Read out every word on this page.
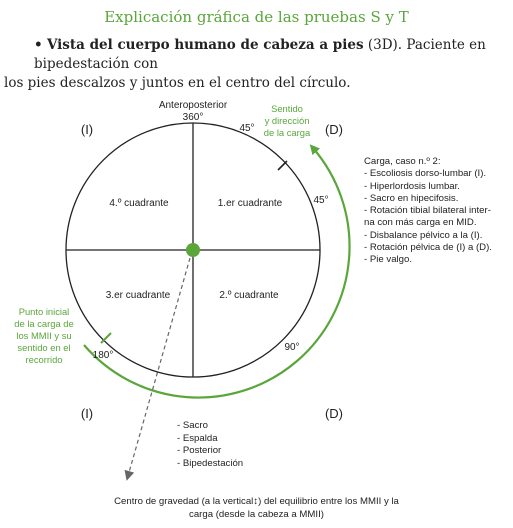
Explicación gráfica de las pruebas S y T
• Vista del cuerpo humano de cabeza a pies (3D). Paciente en bipedestación con
los pies descalzos y juntos en el centro del círculo.
Anteroposterior
360°
45°
45°
90°
180°
(I)	(D)
(I)	(D)
1.er cuadrante
2.º cuadrante
3.er cuadrante
4.º cuadrante
Sentido
y dirección
de la carga
Punto inicial
de la carga de
los MMII y su
sentido en el
recorrido
Carga, caso n.º 2:
- Escoliosis dorso-lumbar (I).
- Hiperlordosis lumbar.
- Sacro en hipecifosis.
- Rotación tibial bilateral inter-
na con más carga en MID.
- Disbalance pélvico a la (I).
- Rotación pélvica de (I) a (D).
- Pie valgo.
- Sacro
- Espalda
- Posterior
- Bipedestación
Centro de gravedad (a la vertical↕) del equilibrio entre los MMII y la
carga (desde la cabeza a MMII)
